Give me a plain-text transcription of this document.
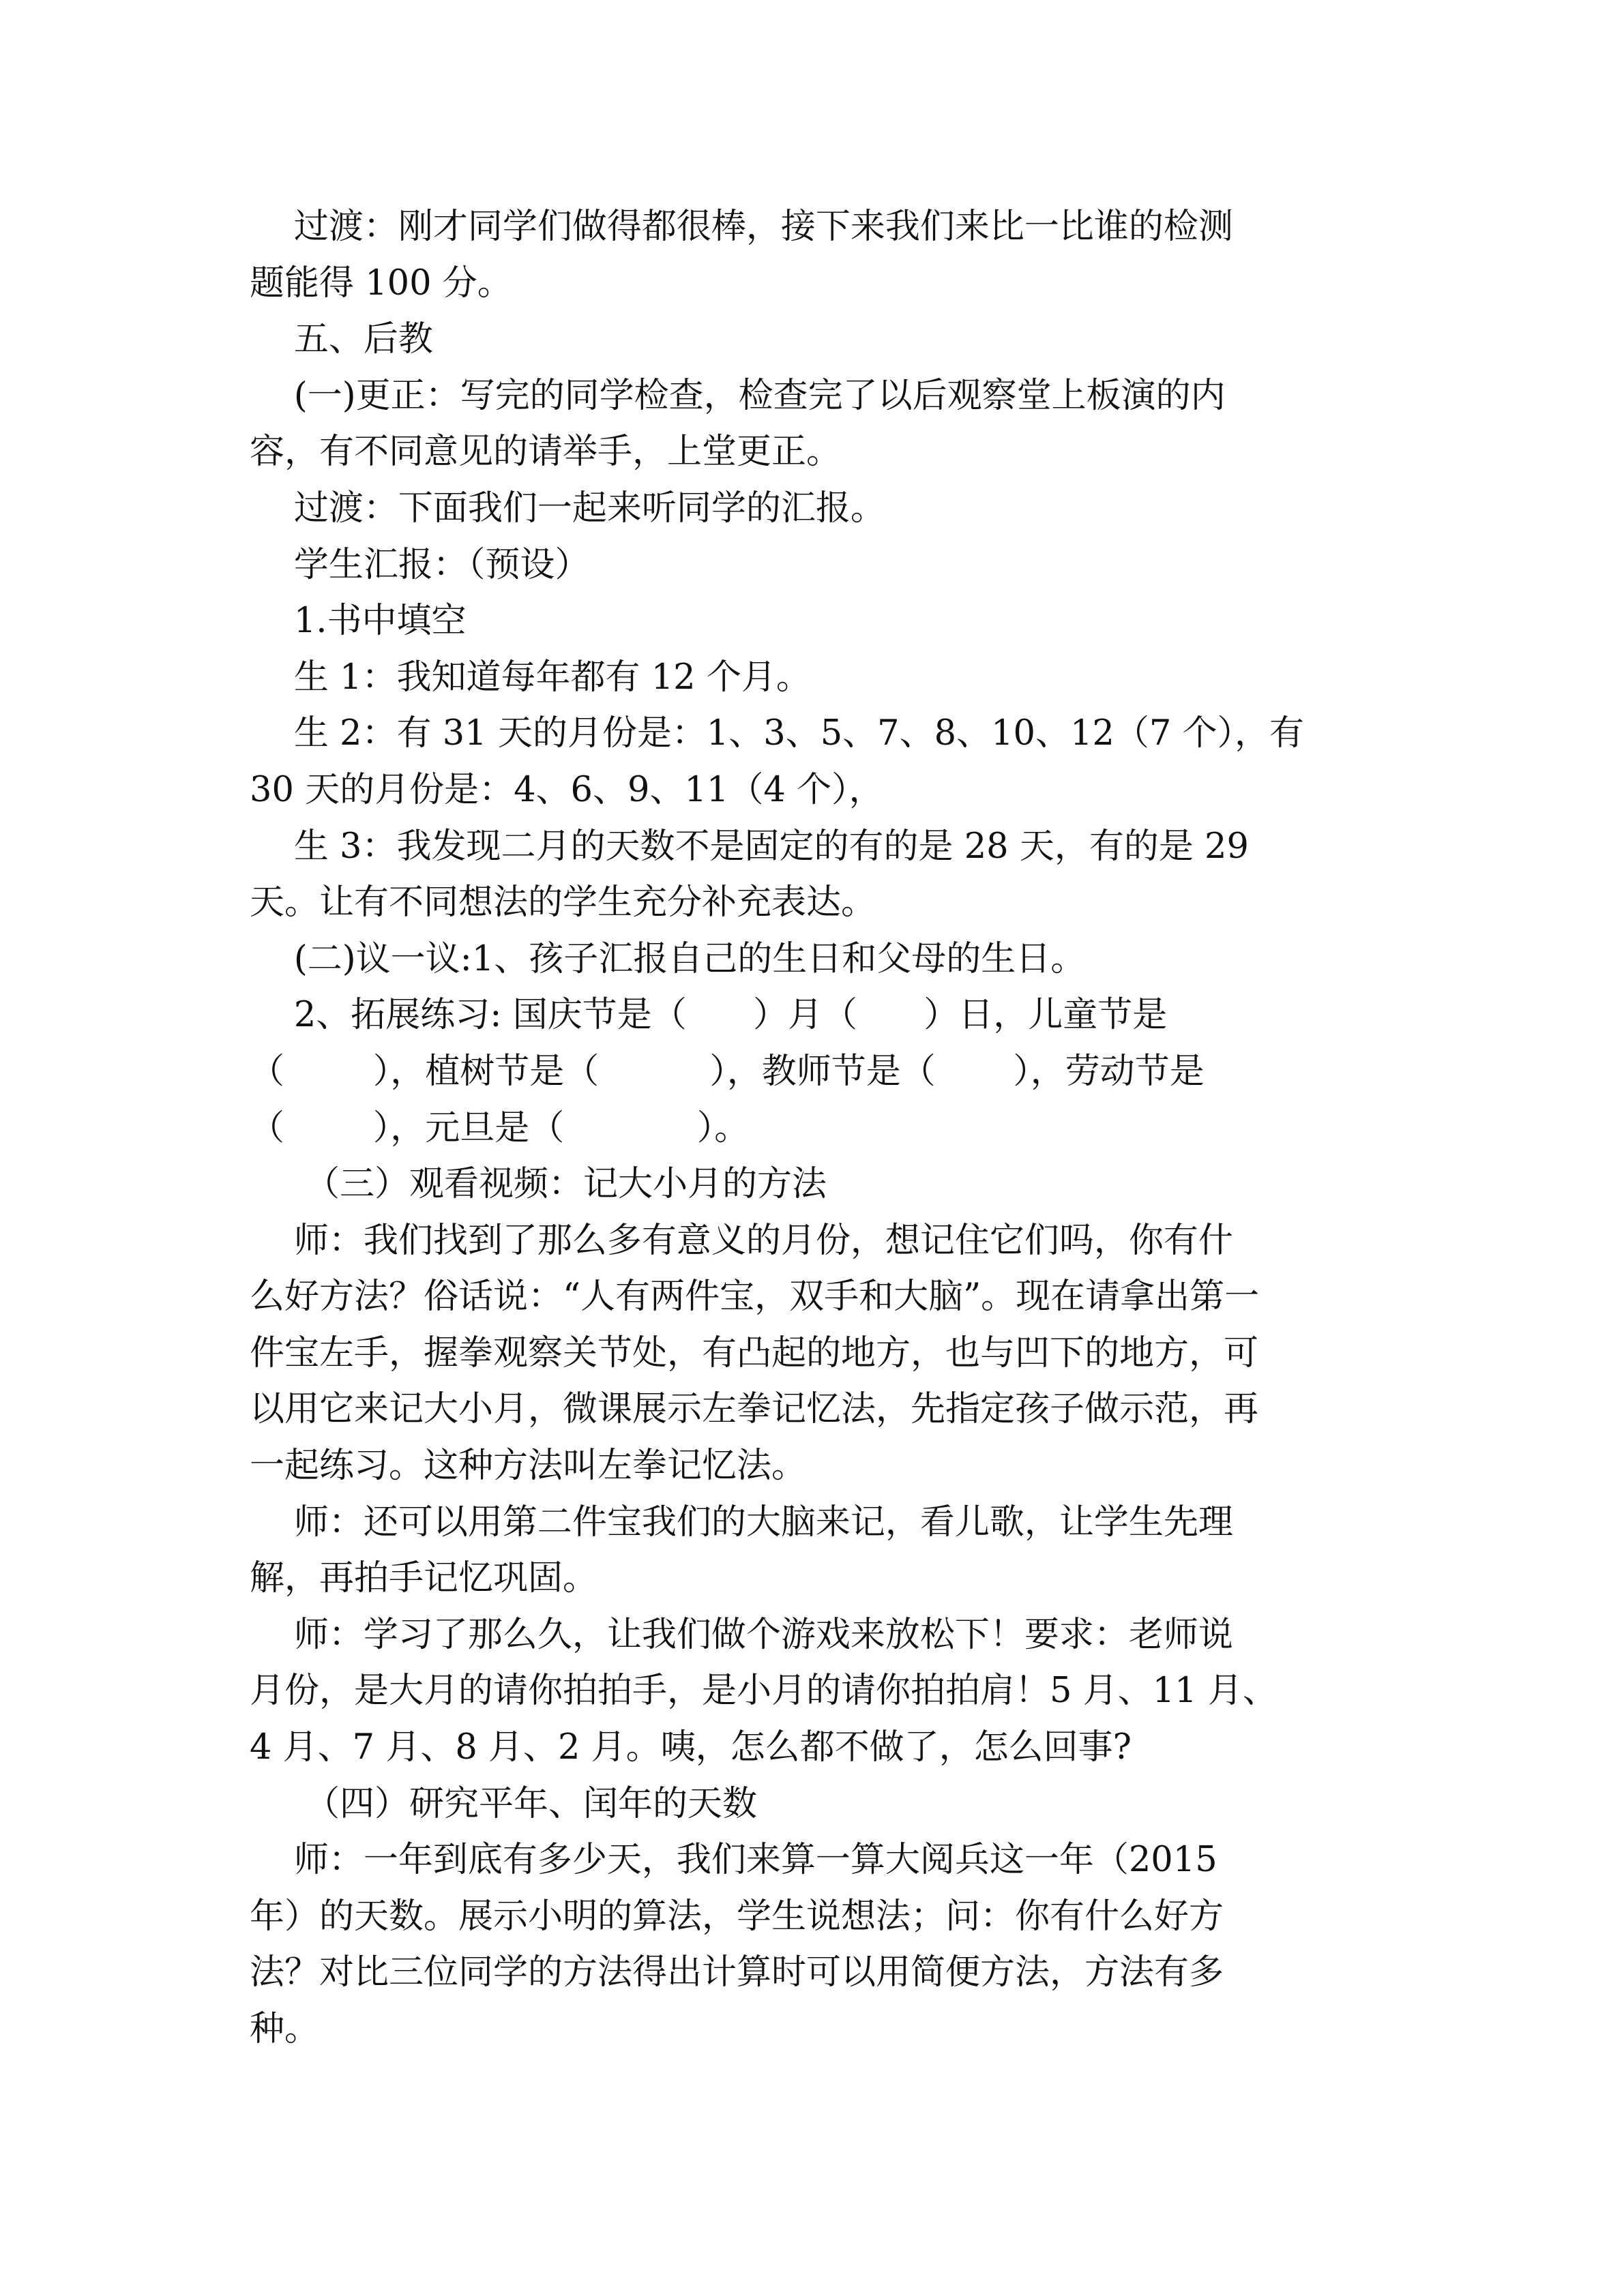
过渡：刚才同学们做得都很棒，接下来我们来比一比谁的检测
题能得 100 分。
五、后教
(一)更正：写完的同学检查，检查完了以后观察堂上板演的内
容，有不同意见的请举手，上堂更正。
过渡：下面我们一起来听同学的汇报。
学生汇报：（预设）
1.书中填空
生 1：我知道每年都有 12 个月。
生 2：有 31 天的月份是：1、3、5、7、8、10、12（7 个），有
30 天的月份是：4、6、9、11（4 个），
生 3：我发现二月的天数不是固定的有的是 28 天，有的是 29
天。让有不同想法的学生充分补充表达。
(二)议一议:1、孩子汇报自己的生日和父母的生日。
2、拓展练习: 国庆节是（      ）月（      ）日，儿童节是
（        ），植树节是（          ），教师节是（       ），劳动节是
（        ），元旦是（            ）。
（三）观看视频：记大小月的方法
师：我们找到了那么多有意义的月份，想记住它们吗，你有什
么好方法？俗话说：“人有两件宝，双手和大脑”。现在请拿出第一
件宝左手，握拳观察关节处，有凸起的地方，也与凹下的地方，可
以用它来记大小月，微课展示左拳记忆法，先指定孩子做示范，再
一起练习。这种方法叫左拳记忆法。
师：还可以用第二件宝我们的大脑来记，看儿歌，让学生先理
解，再拍手记忆巩固。
师：学习了那么久，让我们做个游戏来放松下！要求：老师说
月份，是大月的请你拍拍手，是小月的请你拍拍肩！5 月、11 月、
4 月、7 月、8 月、2 月。咦，怎么都不做了，怎么回事?
（四）研究平年、闰年的天数
师：一年到底有多少天，我们来算一算大阅兵这一年（2015
年）的天数。展示小明的算法，学生说想法；问：你有什么好方
法？对比三位同学的方法得出计算时可以用简便方法，方法有多
种。
